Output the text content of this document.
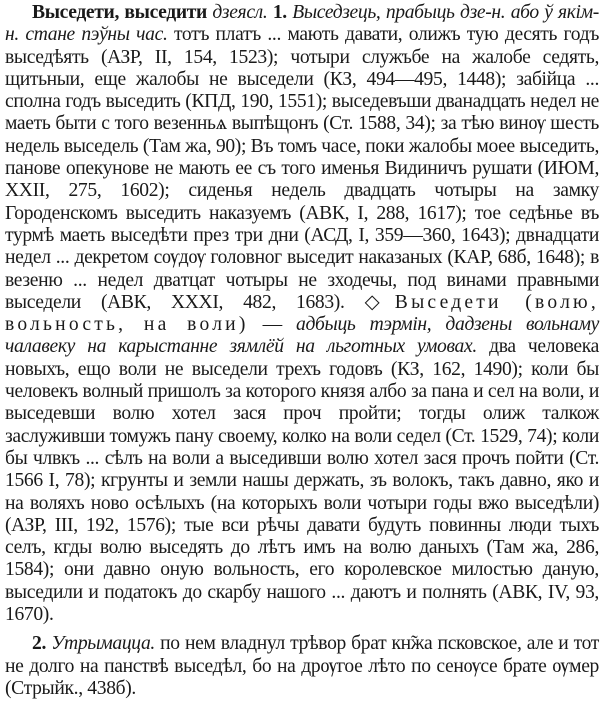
Выседети, выседити дзеясл. 1. Выседзець, прабыць дзе-н. або ў якім-н. стане пэўны час. тотъ платъ ... мають давати, олижъ тую десять годъ выседѣять (АЗР, II, 154, 1523); чотыри служъбе на жалобе седять, щитьныи, еще жалобы не выседели (КЗ, 494—495, 1448); забійца ... сполна годъ выседить (КПД, 190, 1551); выседевъши дванадцать недел не маеть быти с того везенньѧ выпѣщонъ (Ст. 1588, 34); за тѣю винѹ шесть недель выседель (Там жа, 90); Въ томъ часе, поки жалобы моее выседить, панове опекунове не мають ее съ того именья Видиничъ рушати (ИЮМ, XXII, 275, 1602); сиденья недель двадцать чотыры на замку Городенскомъ выседить наказуемъ (АВК, I, 288, 1617); тое седѣнье въ турмѣ маеть выседѣти през три дни (АСД, I, 359—360, 1643); двнадцати недел ... декретом сѹдѹ головног выседит наказаных (КАР, 68б, 1648); в везеню ... недел двaтцат чотыры не зходечы, под винами правными выседели (АВК, XXXI, 482, 1683). ◇Выседети (волю, вольность, на воли) — адбыць тэрмін, дадзены вольнаму чалавеку на карыстанне зямлёй на льготных умовах. два человека новыхъ, ещо воли не выседели трехъ годовъ (КЗ, 162, 1490); коли бы человекъ волный пришолъ за которого князя албо за пана и сел на воли, и выседевши волю хотел зася проч пройти; тогды олиж талкож заслуживши томужъ пану своему, колко на воли седел (Ст. 1529, 74); коли бы члвкъ ... сѣлъ на воли а выседивши волю хотел зася прочъ по̃ити (Ст. 1566 I, 78); кгрунты и земли нашы держать, зъ волокъ, такъ давно, яко и на воляхъ ново осѣлыхъ (на которыхъ воли чотыри годы вжо выседѣли) (АЗР, III, 192, 1576); тые вси рѣчы давати будуть повинны люди тыхъ селъ, кгды волю выседять до лѣтъ имъ на волю даныхъ (Там жа, 286, 1584); они давно оную вольность, его королевское милостью даную, выседили и податокъ до скарбу нашого ... даютъ и полнять (АВК, IV, 93, 1670).

2. Утрымацца. по нем владнул трѣвор брат кн̃жа псковское, але и тот не долго на панствѣ выседѣл, бо на дрѹгое лѣто по сенѹсе брате ѹмер (Стрыйк., 438б).
